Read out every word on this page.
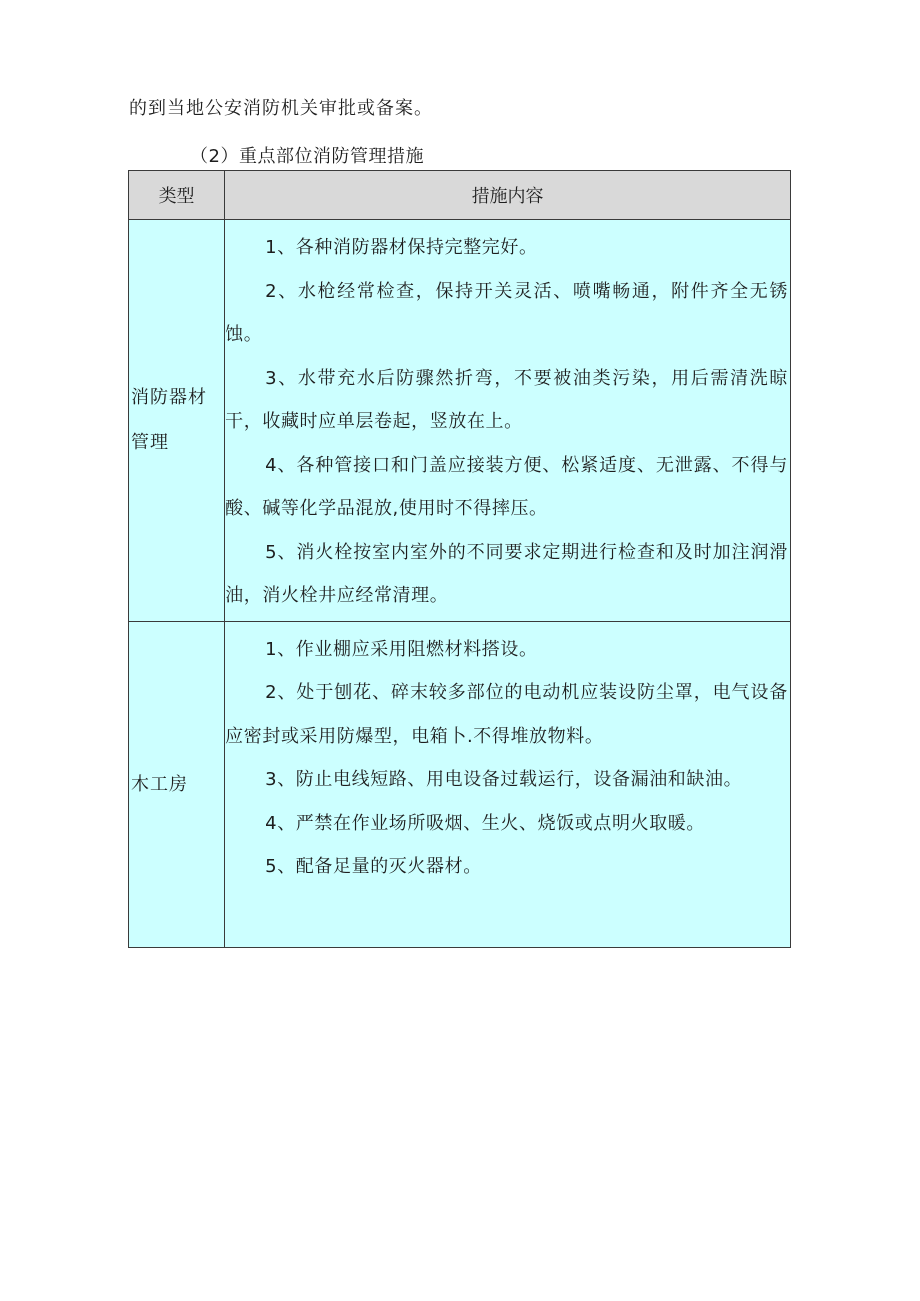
的到当地公安消防机关审批或备案。
（2）重点部位消防管理措施
类型	措施内容
消防器材管理	1、各种消防器材保持完整完好。

2、水枪经常检查，保持开关灵活、喷嘴畅通，附件齐全无锈蚀。

3、水带充水后防骤然折弯，不要被油类污染，用后需清洗晾干，收藏时应单层卷起，竖放在上。

4、各种管接口和门盖应接装方便、松紧适度、无泄露、不得与酸、碱等化学品混放,使用时不得摔压。

5、消火栓按室内室外的不同要求定期进行检查和及时加注润滑油，消火栓井应经常清理。

木工房	1、作业棚应采用阻燃材料搭设。

2、处于刨花、碎末较多部位的电动机应装设防尘罩，电气设备应密封或采用防爆型，电箱卜.不得堆放物料。

3、防止电线短路、用电设备过载运行，设备漏油和缺油。

4、严禁在作业场所吸烟、生火、烧饭或点明火取暖。

5、配备足量的灭火器材。
